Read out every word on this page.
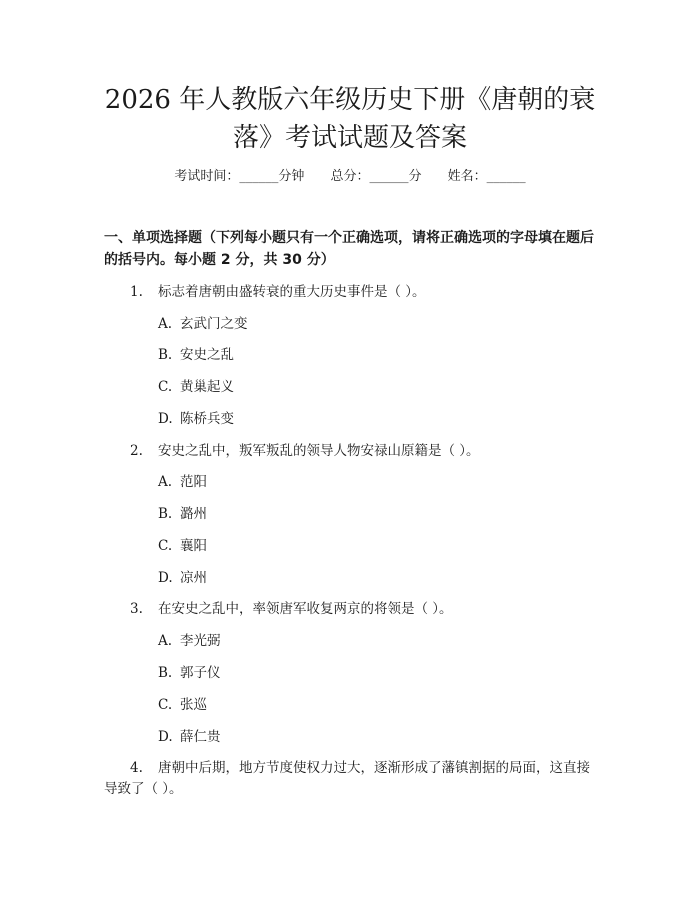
2026 年人教版六年级历史下册《唐朝的衰
落》考试试题及答案
考试时间：______分钟 总分：______分 姓名：______
一、单项选择题（下列每小题只有一个正确选项，请将正确选项的字母填在题后
的括号内。每小题 2 分，共 30 分）
1. 标志着唐朝由盛转衰的重大历史事件是（ ）。
A. 玄武门之变
B. 安史之乱
C. 黄巢起义
D. 陈桥兵变
2. 安史之乱中，叛军叛乱的领导人物安禄山原籍是（ ）。
A. 范阳
B. 潞州
C. 襄阳
D. 凉州
3. 在安史之乱中，率领唐军收复两京的将领是（ ）。
A. 李光弼
B. 郭子仪
C. 张巡
D. 薛仁贵
4. 唐朝中后期，地方节度使权力过大，逐渐形成了藩镇割据的局面，这直接
导致了（ ）。
